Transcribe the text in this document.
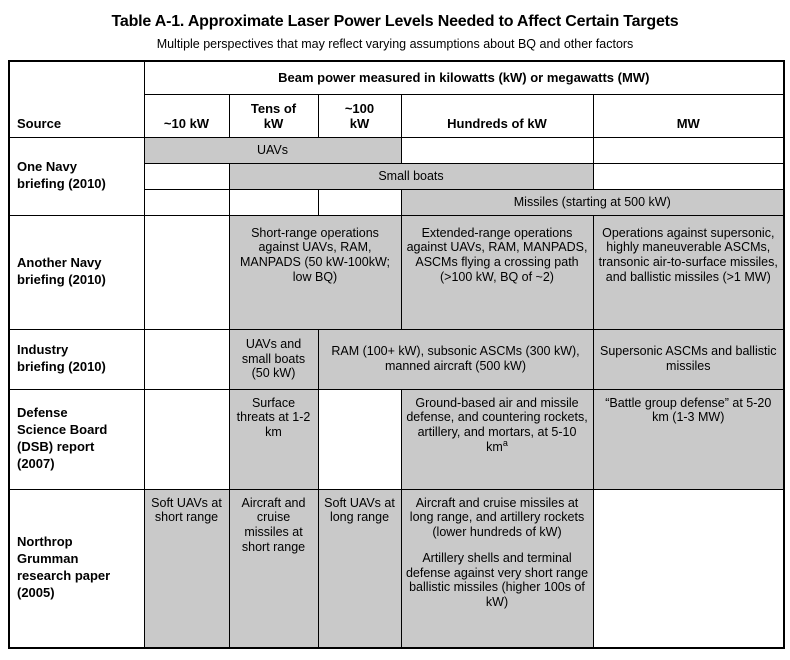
Table A-1. Approximate Laser Power Levels Needed to Affect Certain Targets
Multiple perspectives that may reflect varying assumptions about BQ and other factors
Source	Beam power measured in kilowatts (kW) or megawatts (MW)				
	~10 kW	Tens of kW	~100 kW	Hundreds of kW	MW
One Navy briefing (2010)	UAVs				
		Small boats			
				Missiles (starting at 500 kW)	
Another Navy briefing (2010)		Short-range operations against UAVs, RAM, MANPADS (50 kW-100kW; low BQ)		Extended-range operations against UAVs, RAM, MANPADS, ASCMs flying a crossing path (>100 kW, BQ of ~2)	Operations against supersonic, highly maneuverable ASCMs, transonic air-to-surface missiles, and ballistic missiles (>1 MW)
Industry briefing (2010)		UAVs and small boats (50 kW)	RAM (100+ kW), subsonic ASCMs (300 kW), manned aircraft (500 kW)		Supersonic ASCMs and ballistic missiles
Defense Science Board (DSB) report (2007)		Surface threats at 1-2 km		Ground-based air and missile defense, and countering rockets, artillery, and mortars, at 5-10 $km^a$	“Battle group defense” at 5-20 km (1-3 MW)
Northrop Grumman research paper (2005)	Soft UAVs at short range	Aircraft and cruise missiles at short range	Soft UAVs at long range	Aircraft and cruise missiles at long range, and artillery rockets (lower hundreds of kW)
Artillery shells and terminal defense against very short range ballistic missiles (higher 100s of kW)	
